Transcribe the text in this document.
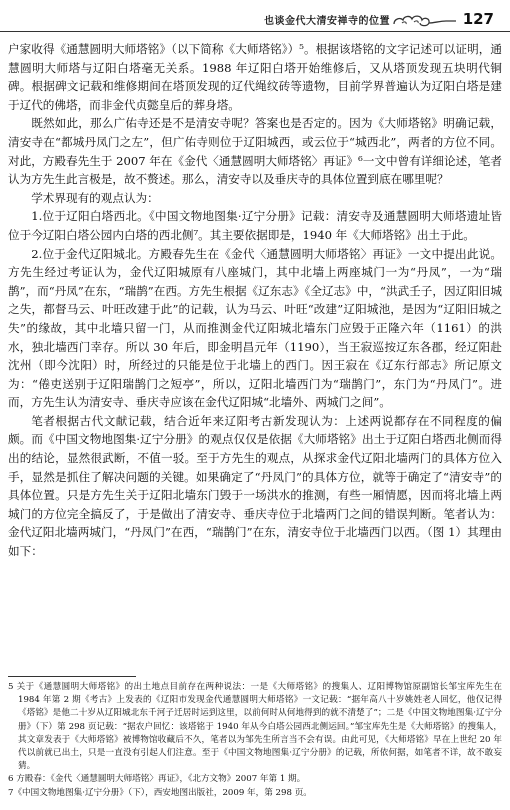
也谈金代大清安禅寺的位置	127

户家收得《通慧圆明大师塔铭》（以下简称《大师塔铭》）⁵。根据该塔铭的文字记述可以证明，通慧圆明大师塔与辽阳白塔毫无关系。1988 年辽阳白塔开始维修后，又从塔顶发现五块明代铜碑。根据碑文记载和维修期间在塔顶发现的辽代绳纹砖等遗物，目前学界普遍认为辽阳白塔是建于辽代的佛塔，而非金代贞懿皇后的葬身塔。

既然如此，那么广佑寺还是不是清安寺呢？答案也是否定的。因为《大师塔铭》明确记载，清安寺在“都城丹凤门之左”，但广佑寺则位于辽阳城西，或云位于“城西北”，两者的方位不同。对此，方殿春先生于 2007 年在《金代〈通慧圆明大师塔铭〉再证》⁶一文中曾有详细论述，笔者认为方先生此言极是，故不赘述。那么，清安寺以及垂庆寺的具体位置到底在哪里呢？

学术界现有的观点认为：

1.位于辽阳白塔西北。《中国文物地图集·辽宁分册》记载：清安寺及通慧圆明大师塔遗址皆位于今辽阳白塔公园内白塔的西北侧⁷。其主要依据即是，1940 年《大师塔铭》出土于此。

2.位于金代辽阳城北。方殿春先生在《金代〈通慧圆明大师塔铭〉再证》一文中提出此说。方先生经过考证认为，金代辽阳城原有八座城门，其中北墙上两座城门一为“丹凤”，一为“瑞鹊”，而“丹凤”在东，“瑞鹊”在西。方先生根据《辽东志》《全辽志》中，“洪武壬子，因辽阳旧城之失，都督马云、叶旺改建于此”的记载，认为马云、叶旺“改建”辽阳城池，是因为“辽阳旧城之失”的缘故，其中北墙只留一门，从而推测金代辽阳城北墙东门应毁于正隆六年（1161）的洪水，独北墙西门幸存。所以 30 年后，即金明昌元年（1190），当王寂巡按辽东各郡，经辽阳赴沈州（即今沈阳）时，所经过的只能是位于北墙上的西门。因王寂在《辽东行部志》所记原文为：“倦吏送别于辽阳瑞鹊门之短亭”，所以，辽阳北墙西门为“瑞鹊门”，东门为“丹凤门”。进而，方先生认为清安寺、垂庆寺应该在金代辽阳城“北墙外、两城门之间”。

笔者根据古代文献记载，结合近年来辽阳考古新发现认为：上述两说都存在不同程度的偏颇。而《中国文物地图集·辽宁分册》的观点仅仅是依据《大师塔铭》出土于辽阳白塔西北侧而得出的结论，显然很武断，不值一驳。至于方先生的观点，从探求金代辽阳北墙两门的具体方位入手，显然是抓住了解决问题的关键。如果确定了“丹凤门”的具体方位，就等于确定了“清安寺”的具体位置。只是方先生关于辽阳北墙东门毁于一场洪水的推测，有些一厢情愿，因而将北墙上两城门的方位完全搞反了，于是做出了清安寺、垂庆寺位于北墙两门之间的错误判断。笔者认为：金代辽阳北墙两城门，“丹凤门”在西，“瑞鹊门”在东，清安寺位于北墙西门以西。（图 1）其理由如下：

5 关于《通慧圆明大师塔铭》的出土地点目前存在两种说法：一是《大师塔铭》的搜集人、辽阳博物馆原副馆长邹宝库先生在 1984 年第 2 期《考古》上发表的《辽阳市发现金代通慧圆明大师塔铭》一文记载：“据年高八十岁姚姓老人回忆，他仅记得《塔铭》是他二十岁从辽阳城北东千河子迁居时运到这里，以前何时从何地得到的就不清楚了”；二是《中国文物地图集·辽宁分册》（下）第 298 页记载：“据农户回忆：该塔铭于 1940 年从今白塔公园西北侧运回。”邹宝库先生是《大师塔铭》的搜集人，其文章发表于《大师塔铭》被博物馆收藏后不久，笔者以为邹先生所言当不会有误。由此可见，《大师塔铭》早在上世纪 20 年代以前就已出土，只是一直没有引起人们注意。至于《中国文物地图集·辽宁分册》的记载，所依何据，如笔者不详，故不敢妄猜。

6 方殿春：《金代〈通慧圆明大师塔铭〉再证》，《北方文物》2007 年第 1 期。

7《中国文物地图集·辽宁分册》（下），西安地图出版社，2009 年，第 298 页。
